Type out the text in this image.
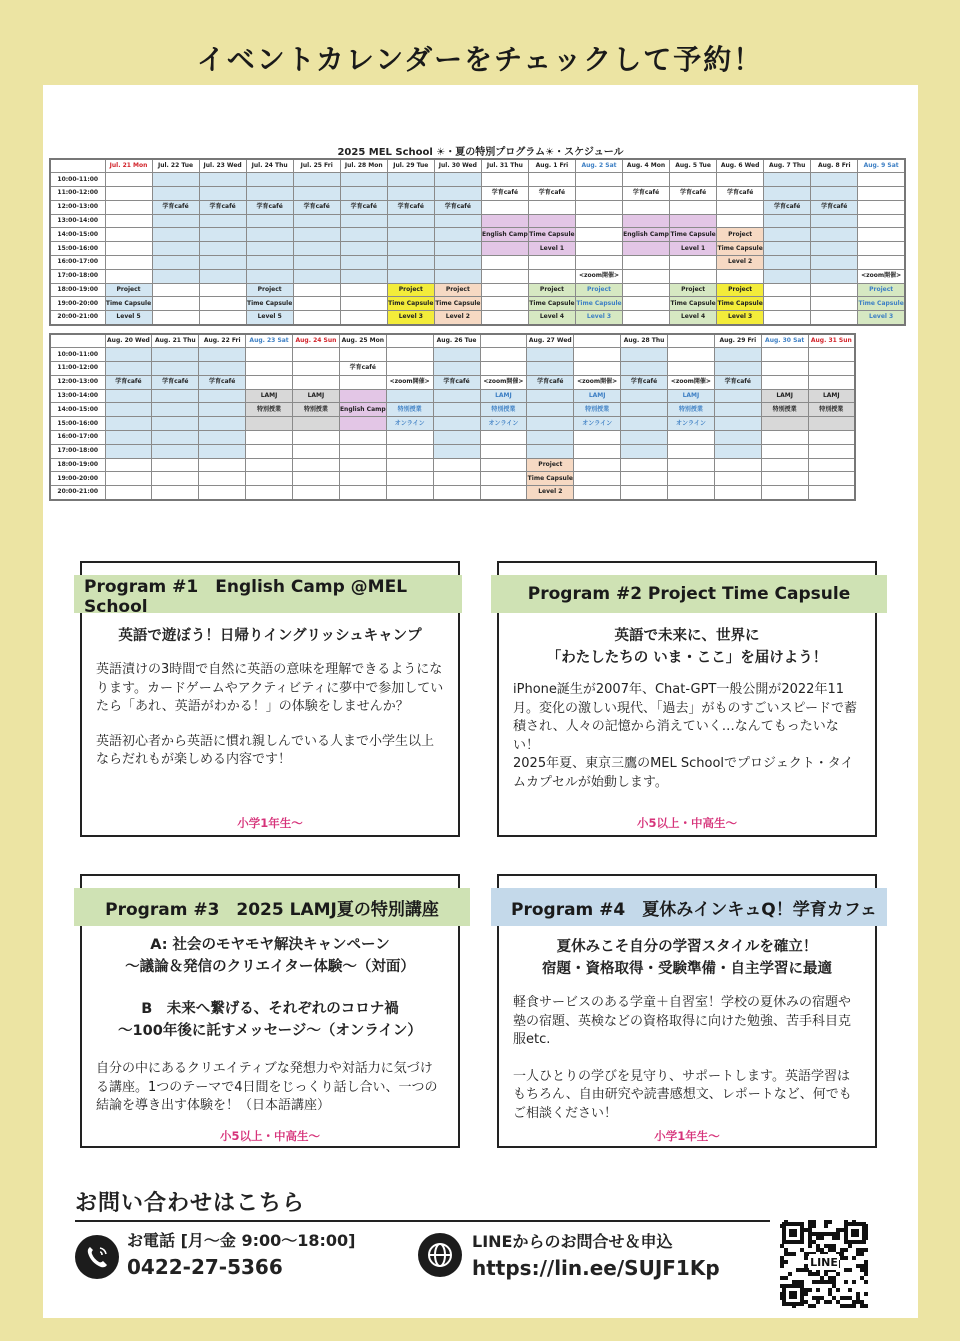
イベントカレンダーをチェックして予約！
2025 MEL School ☀・夏の特別プログラム☀・スケジュール
	Jul. 21 Mon	Jul. 22 Tue	Jul. 23 Wed	Jul. 24 Thu	Jul. 25 Fri	Jul. 28 Mon	Jul. 29 Tue	Jul. 30 Wed	Jul. 31 Thu	Aug. 1 Fri	Aug. 2 Sat	Aug. 4 Mon	Aug. 5 Tue	Aug. 6 Wed	Aug. 7 Thu	Aug. 8 Fri	Aug. 9 Sat
10:00-11:00																	
11:00-12:00									学育café	学育café		学育café	学育café	学育café			
12:00-13:00		学育café	学育café	学育café	学育café	学育café	学育café	学育café							学育café	学育café	
13:00-14:00																	
14:00-15:00									English Camp	Time Capsule		English Camp	Time Capsule	Project			
15:00-16:00										Level 1			Level 1	Time Capsule			
16:00-17:00														Level 2			
17:00-18:00											<zoom開催>						<zoom開催>
18:00-19:00	Project			Project			Project	Project		Project	Project		Project	Project			Project
19:00-20:00	Time Capsule			Time Capsule			Time Capsule	Time Capsule		Time Capsule	Time Capsule		Time Capsule	Time Capsule			Time Capsule
20:00-21:00	Level 5			Level 5			Level 3	Level 2		Level 4	Level 3		Level 4	Level 3			Level 3
	Aug. 20 Wed	Aug. 21 Thu	Aug. 22 Fri	Aug. 23 Sat	Aug. 24 Sun	Aug. 25 Mon		Aug. 26 Tue		Aug. 27 Wed		Aug. 28 Thu		Aug. 29 Fri	Aug. 30 Sat	Aug. 31 Sun
10:00-11:00																
11:00-12:00						学育café										
12:00-13:00	学育café	学育café	学育café				<zoom開催>	学育café	<zoom開催>	学育café	<zoom開催>	学育café	<zoom開催>	学育café		
13:00-14:00				LAMJ	LAMJ				LAMJ		LAMJ		LAMJ		LAMJ	LAMJ
14:00-15:00				特別授業	特別授業	English Camp	特別授業		特別授業		特別授業		特別授業		特別授業	特別授業
15:00-16:00							オンライン		オンライン		オンライン		オンライン			
16:00-17:00																
17:00-18:00																
18:00-19:00										Project						
19:00-20:00										Time Capsule						
20:00-21:00										Level 2						
Program #1　English Camp @MEL School
英語で遊ぼう！日帰りイングリッシュキャンプ
英語漬けの3時間で自然に英語の意味を理解できるようになります。カードゲームやアクティビティに夢中で参加していたら「あれ、英語がわかる！」の体験をしませんか？
英語初心者から英語に慣れ親しんでいる人まで小学生以上ならだれもが楽しめる内容です！
小学1年生〜
Program #2 Project Time Capsule
英語で未来に、世界に
「わたしたちの いま・ここ」を届けよう！
iPhone誕生が2007年、Chat-GPT一般公開が2022年11月。変化の激しい現代、「過去」がものすごいスピードで蓄積され、人々の記憶から消えていく…なんてもったいない！
2025年夏、東京三鷹のMEL Schoolでプロジェクト・タイムカプセルが始動します。
小5以上・中高生〜
Program #3　2025 LAMJ夏の特別講座
A: 社会のモヤモヤ解決キャンペーン
〜議論＆発信のクリエイター体験〜（対面）
B　未来へ繋げる、それぞれのコロナ禍
〜100年後に託すメッセージ〜（オンライン）
自分の中にあるクリエイティブな発想力や対話力に気づける講座。1つのテーマで4日間をじっくり話し合い、一つの結論を導き出す体験を！（日本語講座）
小5以上・中高生〜
Program #4　夏休みインキュQ！学育カフェ
夏休みこそ自分の学習スタイルを確立！
宿題・資格取得・受験準備・自主学習に最適
軽食サービスのある学童＋自習室！学校の夏休みの宿題や塾の宿題、英検などの資格取得に向けた勉強、苦手科目克服etc.
一人ひとりの学びを見守り、サポートします。英語学習はもちろん、自由研究や読書感想文、レポートなど、何でもご相談ください！
小学1年生〜
お問い合わせはこちら
お電話 [月〜金 9:00〜18:00]
0422-27-5366
LINEからのお問合せ＆申込
https://lin.ee/SUJF1Kp	LINE
